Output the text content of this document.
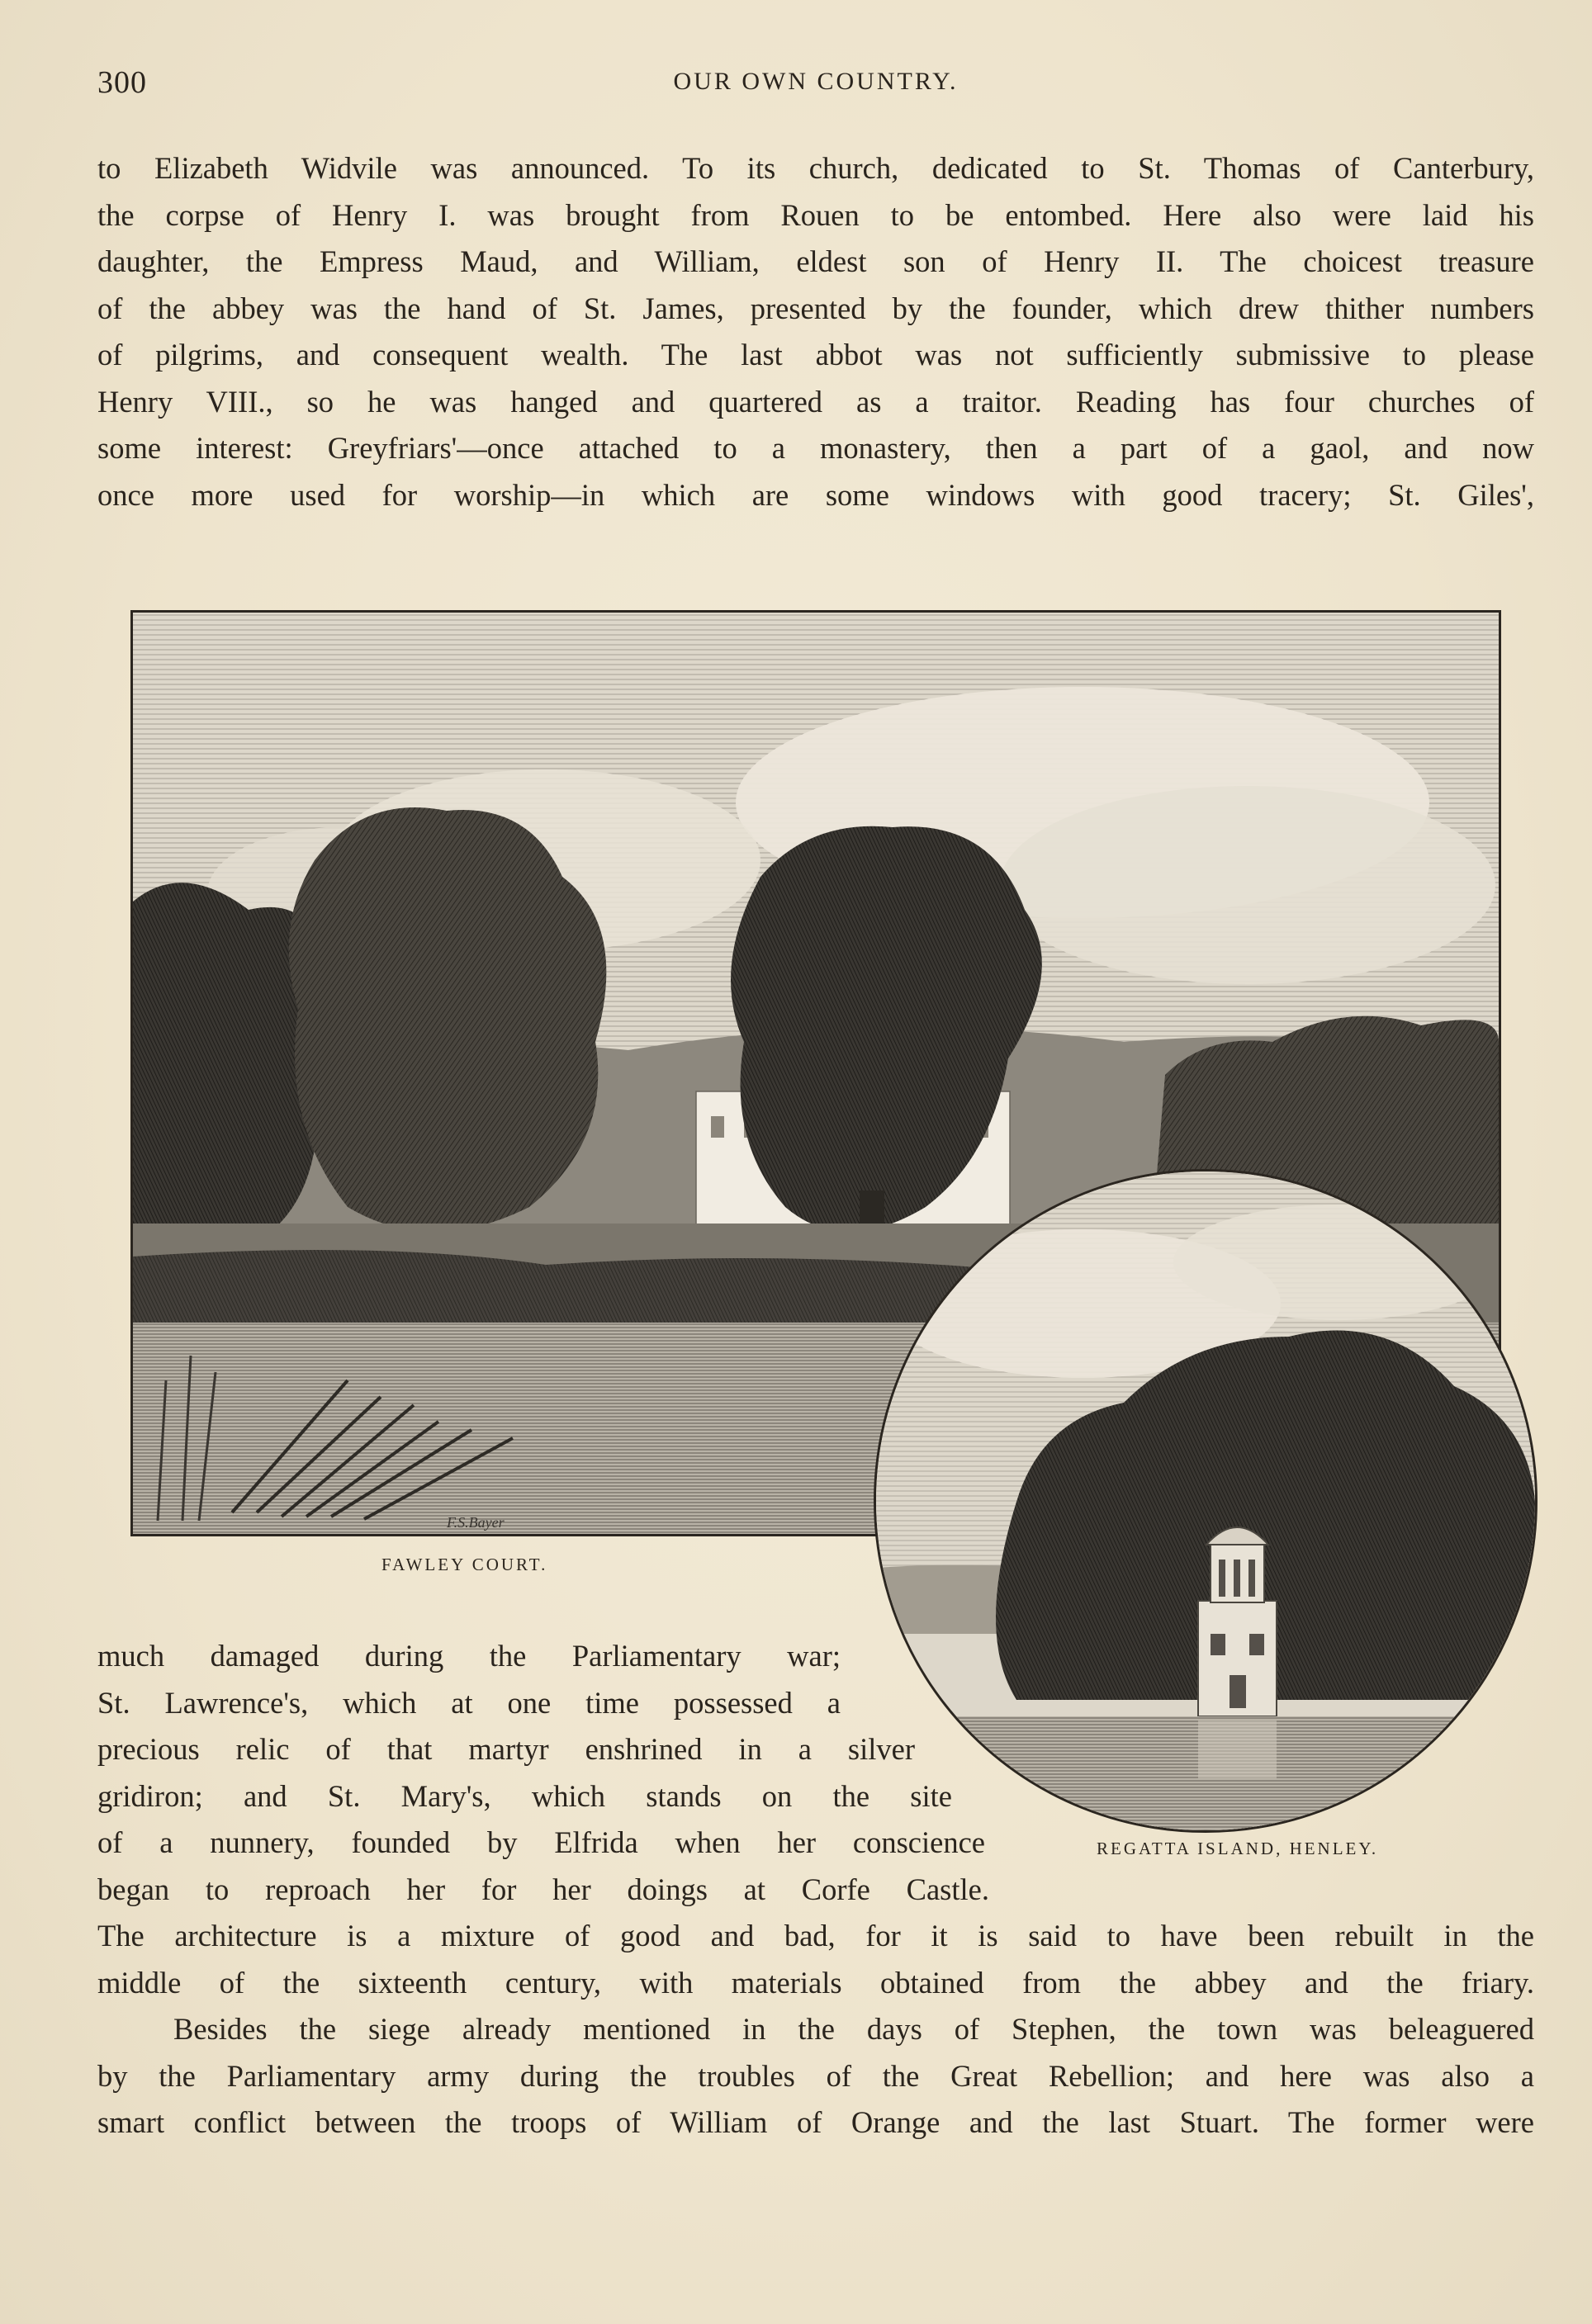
300	OUR OWN COUNTRY.
to Elizabeth Widvile was announced. To its church, dedicated to St. Thomas of Canterbury,
the corpse of Henry I. was brought from Rouen to be entombed. Here also were laid his
daughter, the Empress Maud, and William, eldest son of Henry II. The choicest treasure
of the abbey was the hand of St. James, presented by the founder, which drew thither numbers
of pilgrims, and consequent wealth. The last abbot was not sufficiently submissive to please
Henry VIII., so he was hanged and quartered as a traitor. Reading has four churches of
some interest: Greyfriars'—once attached to a monastery, then a part of a gaol, and now
once more used for worship—in which are some windows with good tracery; St. Giles',
F.S.Bayer
FAWLEY COURT.
REGATTA ISLAND, HENLEY.
much damaged during the Parliamentary war;
St. Lawrence's, which at one time possessed a
precious relic of that martyr enshrined in a silver
gridiron; and St. Mary's, which stands on the site
of a nunnery, founded by Elfrida when her conscience
began to reproach her for her doings at Corfe Castle.
The architecture is a mixture of good and bad, for it is said to have been rebuilt in the
middle of the sixteenth century, with materials obtained from the abbey and the friary.
Besides the siege already mentioned in the days of Stephen, the town was beleaguered
by the Parliamentary army during the troubles of the Great Rebellion; and here was also a
smart conflict between the troops of William of Orange and the last Stuart. The former were
